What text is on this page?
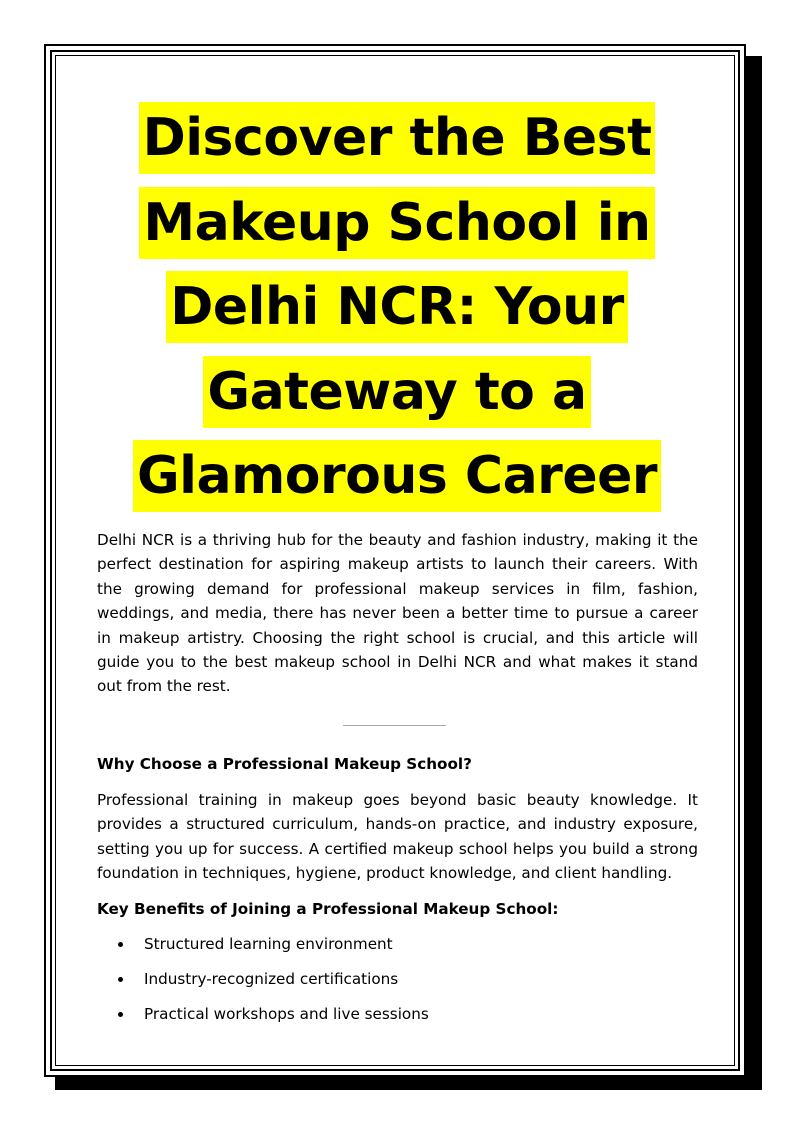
Discover the Best
Makeup School in
Delhi NCR: Your
Gateway to a
Glamorous Career

Delhi NCR is a thriving hub for the beauty and fashion industry, making it the perfect destination for aspiring makeup artists to launch their careers. With the growing demand for professional makeup services in film, fashion, weddings, and media, there has never been a better time to pursue a career in makeup artistry. Choosing the right school is crucial, and this article will guide you to the best makeup school in Delhi NCR and what makes it stand out from the rest.

Why Choose a Professional Makeup School?

Professional training in makeup goes beyond basic beauty knowledge. It provides a structured curriculum, hands-on practice, and industry exposure, setting you up for success. A certified makeup school helps you build a strong foundation in techniques, hygiene, product knowledge, and client handling.

Key Benefits of Joining a Professional Makeup School:
Structured learning environment
Industry-recognized certifications
Practical workshops and live sessions
